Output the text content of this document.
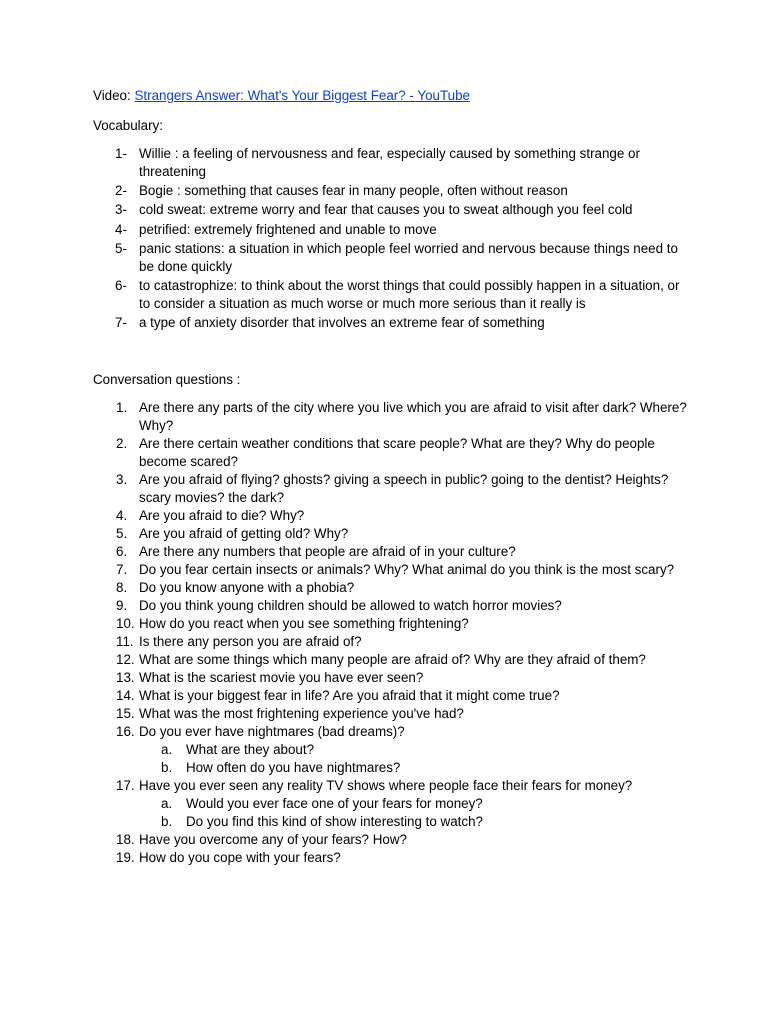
Video: Strangers Answer: What's Your Biggest Fear? - YouTube

Vocabulary:

1- Willie : a feeling of nervousness and fear, especially caused by something strange or threatening
2- Bogie : something that causes fear in many people, often without reason
3- cold sweat: extreme worry and fear that causes you to sweat although you feel cold
4- petrified: extremely frightened and unable to move
5- panic stations: a situation in which people feel worried and nervous because things need to be done quickly
6- to catastrophize: to think about the worst things that could possibly happen in a situation, or to consider a situation as much worse or much more serious than it really is
7- a type of anxiety disorder that involves an extreme fear of something

Conversation questions :

1. Are there any parts of the city where you live which you are afraid to visit after dark? Where? Why?
2. Are there certain weather conditions that scare people? What are they? Why do people become scared?
3. Are you afraid of flying? ghosts? giving a speech in public? going to the dentist? Heights? scary movies? the dark?
4. Are you afraid to die? Why?
5. Are you afraid of getting old? Why?
6. Are there any numbers that people are afraid of in your culture?
7. Do you fear certain insects or animals? Why? What animal do you think is the most scary?
8. Do you know anyone with a phobia?
9. Do you think young children should be allowed to watch horror movies?
10. How do you react when you see something frightening?
11. Is there any person you are afraid of?
12. What are some things which many people are afraid of? Why are they afraid of them?
13. What is the scariest movie you have ever seen?
14. What is your biggest fear in life? Are you afraid that it might come true?
15. What was the most frightening experience you've had?
16. Do you ever have nightmares (bad dreams)?
a. What are they about?
b. How often do you have nightmares?
17. Have you ever seen any reality TV shows where people face their fears for money?
a. Would you ever face one of your fears for money?
b. Do you find this kind of show interesting to watch?
18. Have you overcome any of your fears? How?
19. How do you cope with your fears?
